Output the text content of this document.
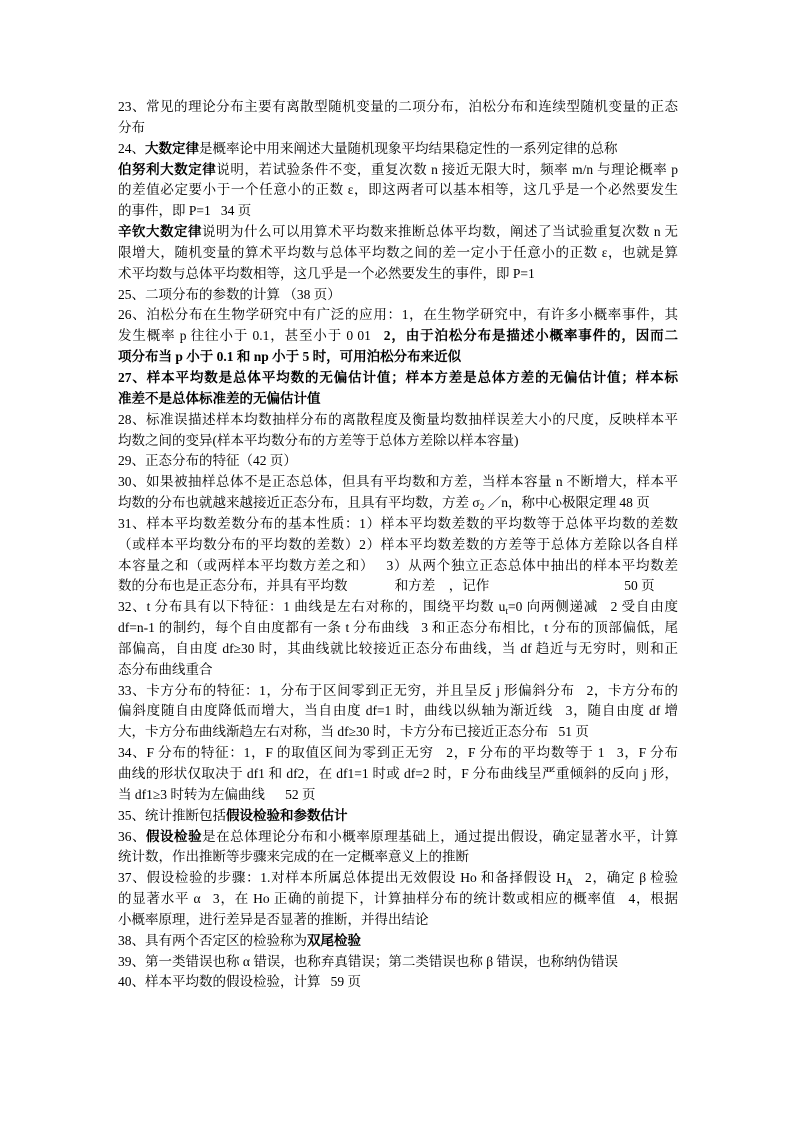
23、常见的理论分布主要有离散型随机变量的二项分布，泊松分布和连续型随机变量的正态
分布
24、大数定律是概率论中用来阐述大量随机现象平均结果稳定性的一系列定律的总称
伯努利大数定律说明，若试验条件不变，重复次数 n 接近无限大时，频率 m/n 与理论概率 p
的差值必定要小于一个任意小的正数 ε，即这两者可以基本相等，这几乎是一个必然要发生
的事件，即 P=1   34 页
辛钦大数定律说明为什么可以用算术平均数来推断总体平均数，阐述了当试验重复次数 n 无
限增大，随机变量的算术平均数与总体平均数之间的差一定小于任意小的正数 ε，也就是算
术平均数与总体平均数相等，这几乎是一个必然要发生的事件，即 P=1
25、二项分布的参数的计算 （38 页）
26、泊松分布在生物学研究中有广泛的应用：1，在生物学研究中，有许多小概率事件，其
发生概率 p 往往小于 0.1，甚至小于 0 01   2，由于泊松分布是描述小概率事件的，因而二
项分布当 p 小于 0.1 和 np 小于 5 时，可用泊松分布来近似
27、样本平均数是总体平均数的无偏估计值；样本方差是总体方差的无偏估计值；样本标
准差不是总体标准差的无偏估计值
28、标准误描述样本均数抽样分布的离散程度及衡量均数抽样误差大小的尺度，反映样本平
均数之间的变异(样本平均数分布的方差等于总体方差除以样本容量)
29、正态分布的特征（42 页）
30、如果被抽样总体不是正态总体，但具有平均数和方差，当样本容量 n 不断增大，样本平
均数的分布也就越来越接近正态分布，且具有平均数，方差 σ2 ／n，称中心极限定理 48 页
31、样本平均数差数分布的基本性质：1）样本平均数差数的平均数等于总体平均数的差数
（或样本平均数分布的平均数的差数）2）样本平均数差数的方差等于总体方差除以各自样
本容量之和（或两样本平均数方差之和）   3）从两个独立正态总体中抽出的样本平均数差
数的分布也是正态分布，并具有平均数              和方差    ，记作                                        50 页
32、t 分布具有以下特征：1 曲线是左右对称的，围绕平均数 ut=0 向两侧递减   2 受自由度
df=n-1 的制约，每个自由度都有一条 t 分布曲线   3 和正态分布相比，t 分布的顶部偏低，尾
部偏高，自由度 df≥30 时，其曲线就比较接近正态分布曲线，当 df 趋近与无穷时，则和正
态分布曲线重合
33、卡方分布的特征：1，分布于区间零到正无穷，并且呈反 j 形偏斜分布   2，卡方分布的
偏斜度随自由度降低而增大，当自由度 df=1 时，曲线以纵轴为渐近线   3，随自由度 df 增
大，卡方分布曲线渐趋左右对称，当 df≥30 时，卡方分布已接近正态分布   51 页
34、F 分布的特征：1，F 的取值区间为零到正无穷   2，F 分布的平均数等于 1   3，F 分布
曲线的形状仅取决于 df1 和 df2，在 df1=1 时或 df=2 时，F 分布曲线呈严重倾斜的反向 j 形，
当 df1≥3 时转为左偏曲线      52 页
35、统计推断包括假设检验和参数估计
36、假设检验是在总体理论分布和小概率原理基础上，通过提出假设，确定显著水平，计算
统计数，作出推断等步骤来完成的在一定概率意义上的推断
37、假设检验的步骤：1.对样本所属总体提出无效假设 Ho 和备择假设 HA   2，确定 β 检验
的显著水平 α   3，在 Ho 正确的前提下，计算抽样分布的统计数或相应的概率值   4，根据
小概率原理，进行差异是否显著的推断，并得出结论
38、具有两个否定区的检验称为双尾检验
39、第一类错误也称 α 错误，也称弃真错误；第二类错误也称 β 错误，也称纳伪错误
40、样本平均数的假设检验，计算   59 页
